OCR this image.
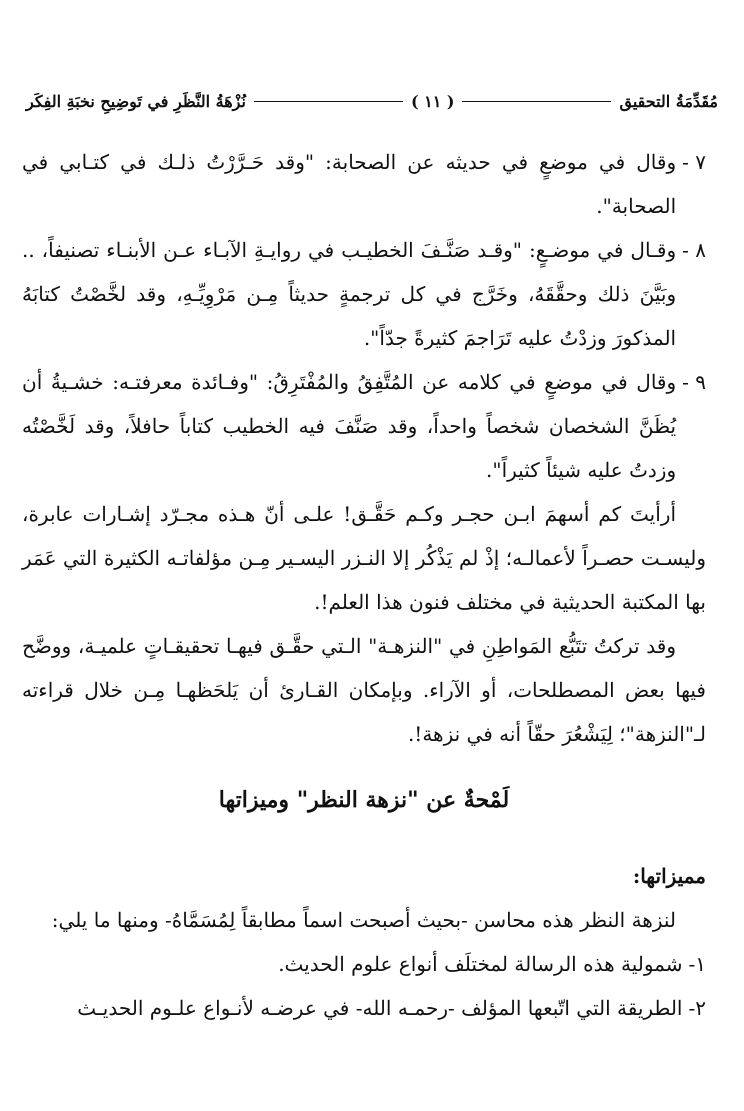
مُقَدِّمَةُ التحقيق
( ١١ )
نُزْهَةُ النَّظَرِ في تَوضِيحِ نخبَةِ الفِكَر
٧ -
وقال في موضعٍ في حديثه عن الصحابة: "وقد حَـرَّرْتُ ذلـك في كتـابي في الصحابة".
٨ -
وقـال في موضـعٍ: "وقـد صَنَّـفَ الخطيـب في روايـةِ الآبـاء عـن الأبنـاء تصنيفاً، .. وبَيَّنَ ذلك وحقَّقَهُ، وخَرَّج في كل ترجمةٍ حديثاً مِـن مَرْوِيِّـهِ، وقد لخَّصْتُ كتابَهُ المذكورَ وزدْتُ عليه تَرَاجمَ كثيرةً جدّاً".
٩ -
وقال في موضعٍ في كلامه عن المُتَّفِقُ والمُفْتَرِقُ: "وفـائدة معرفتـه: خشـيةُ أن يُظَنَّ الشخصان شخصاً واحداً، وقد صَنَّفَ فيه الخطيب كتاباً حافلاً، وقد لَخَّصْتُه وزدتُ عليه شيئاً كثيراً".

أرأيتَ كم أسهمَ ابـن حجـر وكـم حَقَّـق! علـى أنّ هـذه مجـرّد إشـارات عابرة، وليسـت حصـراً لأعمالـه؛ إذْ لم يَذْكُر إلا النـزر اليسـير مِـن مؤلفاتـه الكثيرة التي عَمَر بها المكتبة الحديثية في مختلف فنون هذا العلم!.

وقد تركتُ تتَبُّع المَواطِنِ في "النزهـة" الـتي حقَّـق فيهـا تحقيقـاتٍ علميـة، ووضَّح فيها بعض المصطلحات، أو الآراء. وبإمكان القـارئ أن يَلحَظهـا مِـن خلال قراءته لـ"النزهة"؛ لِيَشْعُرَ حقّاً أنه في نزهة!.

لَمْحةٌ عن "نزهة النظر" وميزاتها
مميزاتها:

لنزهة النظر هذه محاسن -بحيث أصبحت اسماً مطابقاً لِمُسَمَّاهُ- ومنها ما يلي:

١-
شمولية هذه الرسالة لمختلَف أنواع علوم الحديث.
٢-
الطريقة التي اتّبعها المؤلف -رحمـه الله- في عرضـه لأنـواع علـوم الحديـث
